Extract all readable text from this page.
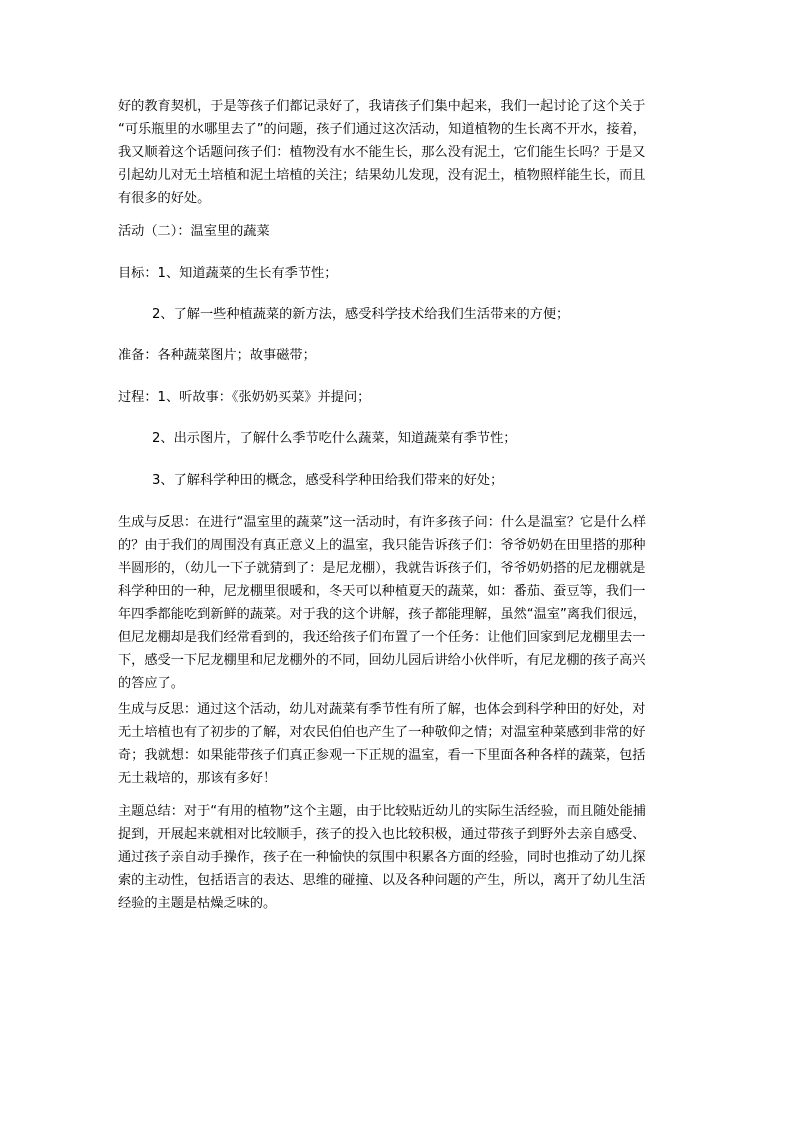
好的教育契机，于是等孩子们都记录好了，我请孩子们集中起来，我们一起讨论了这个关于
“可乐瓶里的水哪里去了”的问题，孩子们通过这次活动，知道植物的生长离不开水，接着，
我又顺着这个话题问孩子们：植物没有水不能生长，那么没有泥土，它们能生长吗？于是又
引起幼儿对无土培植和泥土培植的关注；结果幼儿发现，没有泥土，植物照样能生长，而且
有很多的好处。

活动（二）：温室里的蔬菜

目标：1、知道蔬菜的生长有季节性；

2、了解一些种植蔬菜的新方法，感受科学技术给我们生活带来的方便；

准备：各种蔬菜图片；故事磁带；

过程：1、听故事：《张奶奶买菜》并提问；

2、出示图片，了解什么季节吃什么蔬菜，知道蔬菜有季节性；

3、了解科学种田的概念，感受科学种田给我们带来的好处；

生成与反思：在进行“温室里的蔬菜”这一活动时，有许多孩子问：什么是温室？它是什么样
的？由于我们的周围没有真正意义上的温室，我只能告诉孩子们：爷爷奶奶在田里搭的那种
半圆形的，（幼儿一下子就猜到了：是尼龙棚），我就告诉孩子们，爷爷奶奶搭的尼龙棚就是
科学种田的一种，尼龙棚里很暖和，冬天可以种植夏天的蔬菜，如：番茄、蚕豆等，我们一
年四季都能吃到新鲜的蔬菜。对于我的这个讲解，孩子都能理解，虽然“温室”离我们很远，
但尼龙棚却是我们经常看到的，我还给孩子们布置了一个任务：让他们回家到尼龙棚里去一
下，感受一下尼龙棚里和尼龙棚外的不同，回幼儿园后讲给小伙伴听，有尼龙棚的孩子高兴
的答应了。
生成与反思：通过这个活动，幼儿对蔬菜有季节性有所了解，也体会到科学种田的好处，对
无土培植也有了初步的了解，对农民伯伯也产生了一种敬仰之情；对温室种菜感到非常的好
奇；我就想：如果能带孩子们真正参观一下正规的温室，看一下里面各种各样的蔬菜，包括
无土栽培的，那该有多好！
主题总结：对于“有用的植物”这个主题，由于比较贴近幼儿的实际生活经验，而且随处能捕
捉到，开展起来就相对比较顺手，孩子的投入也比较积极，通过带孩子到野外去亲自感受、
通过孩子亲自动手操作，孩子在一种愉快的氛围中积累各方面的经验，同时也推动了幼儿探
索的主动性，包括语言的表达、思维的碰撞、以及各种问题的产生，所以，离开了幼儿生活
经验的主题是枯燥乏味的。
